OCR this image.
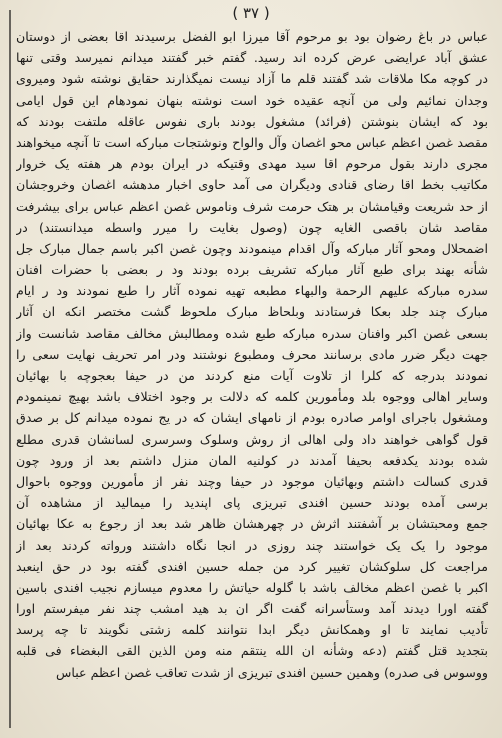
( ٣٧ )
عباس در باغ رضوان بود بو مرحوم آقا میرزا ابو الفضل برسیدند اقا بعضی از دوستان
عشق آباد عرایضی عرض کرده اند رسید. گفتم خبر گفتند میدانم نمیرسد وقتی تنها
در کوچه مکا ملاقات شد گفتند قلم ما آزاد نیست نمیگذارند حقایق نوشته شود ومیروی
وجدان نمائیم ولی من آنچه عقیده خود است نوشته بنهان نمودهام این قول ایامی
بود که ایشان بنوشتن (فرائد) مشغول بودند باری نفوس عاقله ملتفت بودند که
مقصد غصن اعظم عباس محو اغصان وآل والواح ونوشتجات مبارکه است تا آنچه میخواهند
مجری دارند بقول مرحوم اقا سید مهدی وقتیکه در ایران بودم هر هفته یک خروار
مکاتیب بخط اقا رضای قنادی ودیگران می آمد حاوی اخبار مدهشه اغصان وخروجشان
از حد شریعت وقیامشان بر هتک حرمت شرف وناموس غصن اعظم عباس برای بیشرفت
مقاصد شان باقصی الغایه چون (وصول بغایت را میرر واسطه میدانستند) در
اضمحلال ومحو آثار مبارکه وآل اقدام مینمودند وچون غصن اکبر باسم جمال مبارک جل
شأنه بهند برای طبع آثار مبارکه تشریف برده بودند ود ر بعضی با حضرات افنان
سدره مبارکه علیهم الرحمة والبهاء مطبعه تهیه نموده آثار را طبع نمودند ود ر ایام
مبارک چند جلد بعکا فرستادند وبلحاظ مبارک ملحوظ گشت مختصر انکه ان آثار
بسعی غصن اکبر وافنان سدره مبارکه طبع شده ومطالبش مخالف مقاصد شانست واز
جهت دیگر ضرر مادی برسانند محرف ومطبوع نوشتند ودر امر تحریف نهایت سعی را
نمودند بدرجه که کلرا از تلاوت آیات منع کردند من در حیفا بعجوچه با بهائیان
وسایر اهالی ووجوه بلد ومأمورین کلمه که دلالت بر وجود اختلاف باشد بهیچ نمینمودم
ومشغول باجرای اوامر صادره بودم از نامهای ایشان که در یج نموده میدانم کل بر صدق
قول گواهی خواهند داد ولی اهالی از روش وسلوک وسرسری لسانشان قدری مطلع
شده بودند یکدفعه بحیفا آمدند در کولنیه المان منزل داشتم بعد از ورود چون
قدری کسالت داشتم وبهائیان موجود در حیفا وچند نفر از مأمورین ووجوه باحوال
برسی آمده بودند حسین افندی تبریزی پای اپندید را میمالید از مشاهده آن
جمع ومحبتشان بر آشفتند اثرش در چهرهشان ظاهر شد بعد از رجوع به عکا بهائیان
موجود را یک یک خواستند چند روزی در انجا نگاه داشتند ورواته کردند بعد از
مراجعت کل سلوکشان تغییر کرد من جمله حسین افندی گفته بود در حق اینعبد
اکبر با غصن اعظم مخالف باشد با گلوله حیاتش را معدوم میسازم نجیب افندی باسین
گفته اورا دیدند آمد وستأسرانه گفت اگر ان بد هید امشب چند نفر میفرستم اورا
تأدیب نمایند تا او وهمکانش دیگر ابدا نتوانند کلمه زشتی نگویند تا چه پرسد
بتجدید قتل گفتم (دعه وشأنه ان الله ینتقم منه ومن الذین القی البغضاء فی قلبه
ووسوس فی صدره) وهمین حسین افندی تبریزی از شدت تعاقب غصن اعظم عباس
